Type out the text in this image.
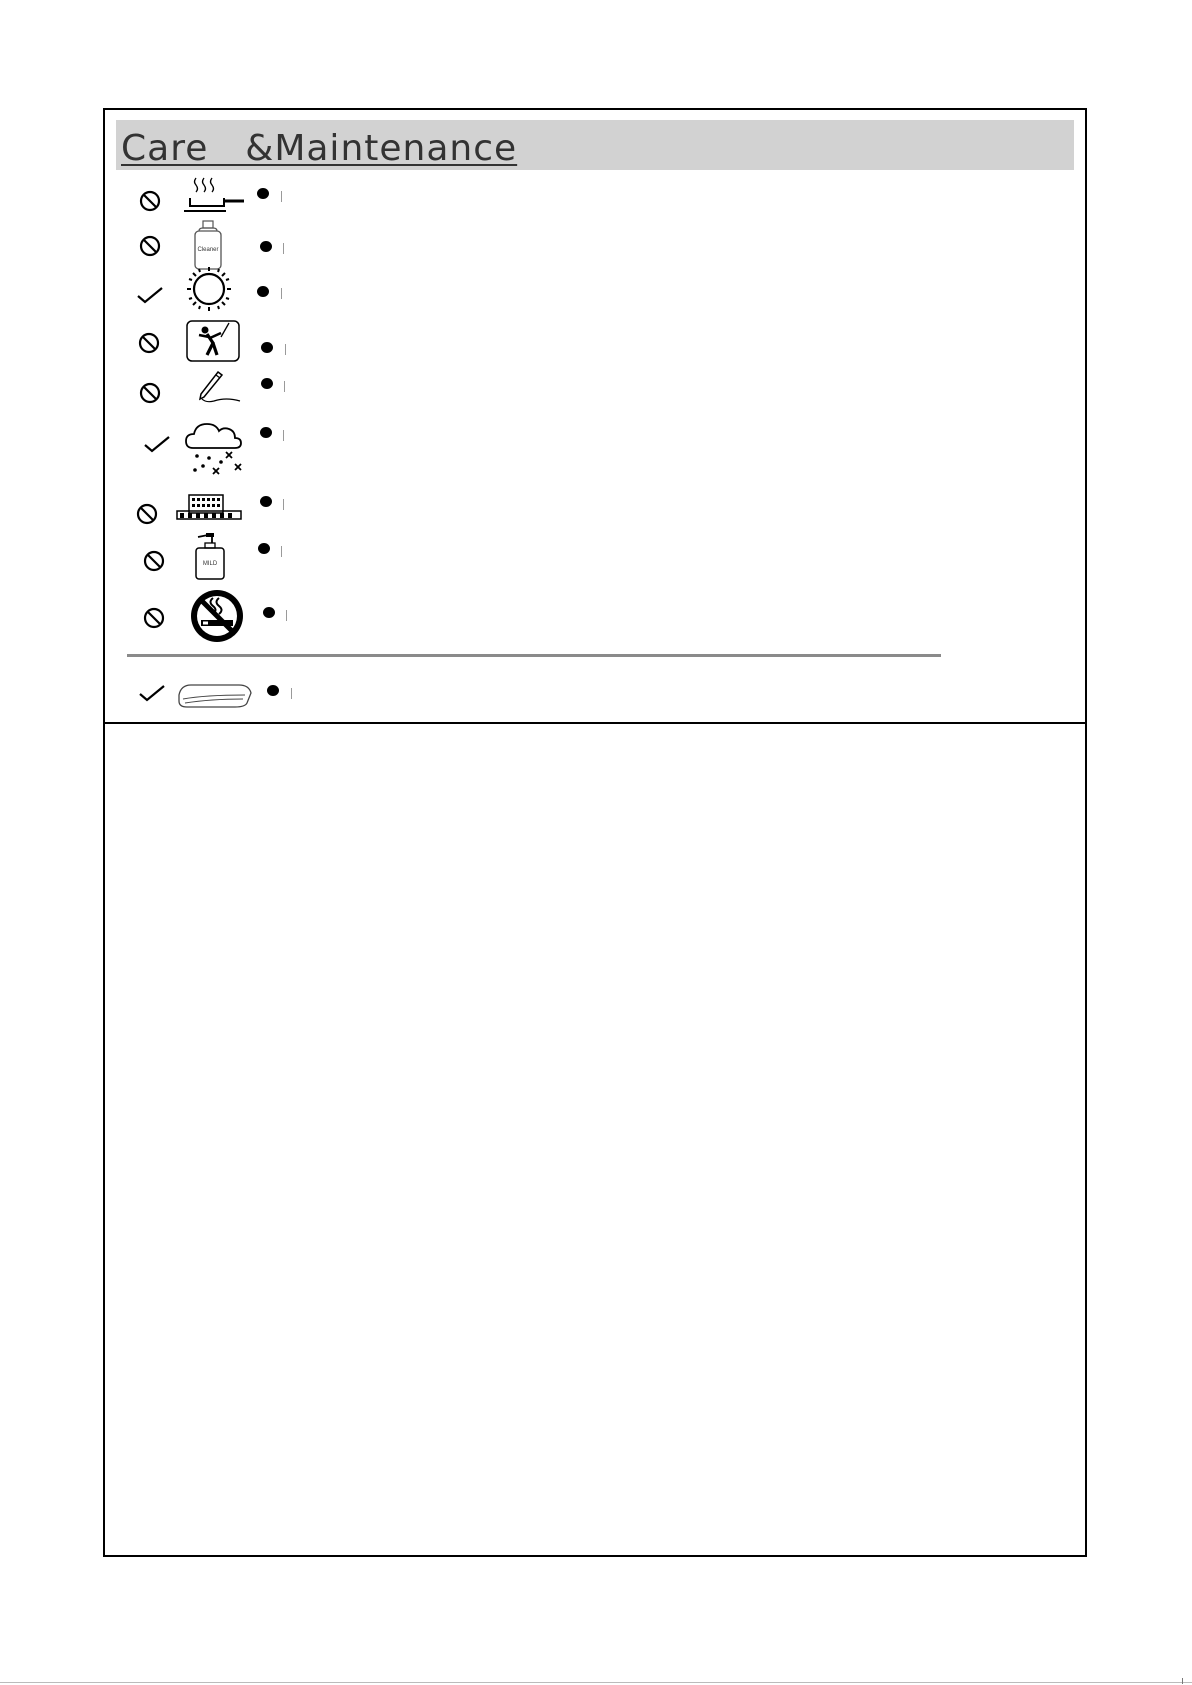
Care  &Maintenance
Cleaner
MILD
